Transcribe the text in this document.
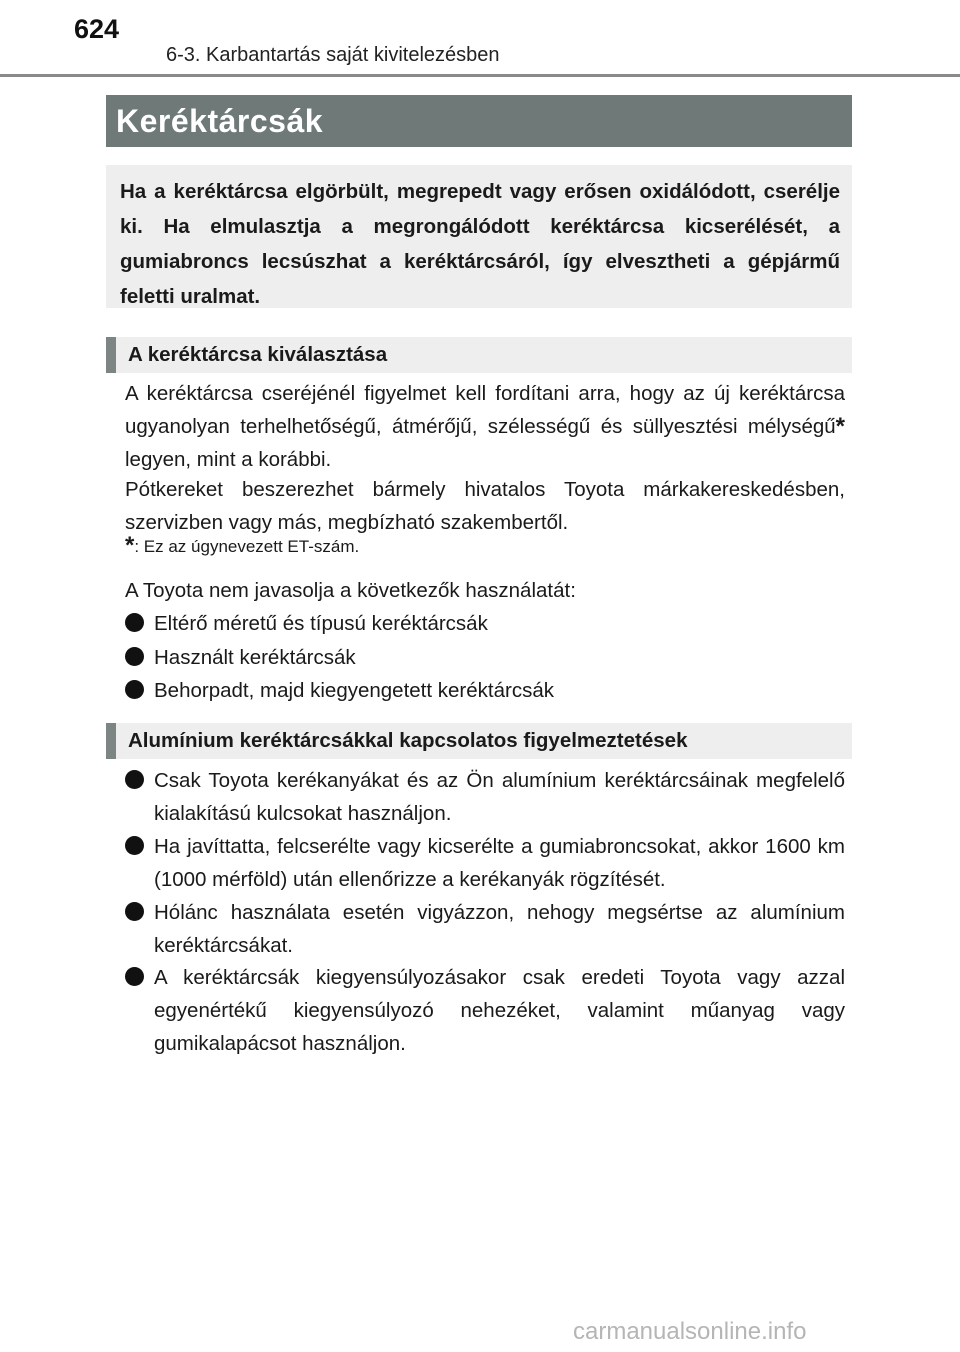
624
6-3. Karbantartás saját kivitelezésben
Keréktárcsák
Ha a keréktárcsa elgörbült, megrepedt vagy erősen oxidálódott, cserélje ki. Ha elmulasztja a megrongálódott keréktárcsa kicserélését, a gumiabroncs lecsúszhat a keréktárcsáról, így elvesztheti a gépjármű feletti uralmat.
A keréktárcsa kiválasztása
A keréktárcsa cseréjénél figyelmet kell fordítani arra, hogy az új keréktárcsa ugyanolyan terhelhetőségű, átmérőjű, szélességű és süllyesztési mélységű* legyen, mint a korábbi.
Pótkereket beszerezhet bármely hivatalos Toyota márkakereskedésben, szervizben vagy más, megbízható szakembertől.
*: Ez az úgynevezett ET-szám.
A Toyota nem javasolja a következők használatát:
Eltérő méretű és típusú keréktárcsák
Használt keréktárcsák
Behorpadt, majd kiegyengetett keréktárcsák
Alumínium keréktárcsákkal kapcsolatos figyelmeztetések
Csak Toyota kerékanyákat és az Ön alumínium keréktárcsáinak megfelelő kialakítású kulcsokat használjon.
Ha javíttatta, felcserélte vagy kicserélte a gumiabroncsokat, akkor 1600 km (1000 mérföld) után ellenőrizze a kerékanyák rögzítését.
Hólánc használata esetén vigyázzon, nehogy megsértse az alumínium keréktárcsákat.
A keréktárcsák kiegyensúlyozásakor csak eredeti Toyota vagy azzal egyenértékű kiegyensúlyozó nehezéket, valamint műanyag vagy gumikalapácsot használjon.
carmanualsonline.info
